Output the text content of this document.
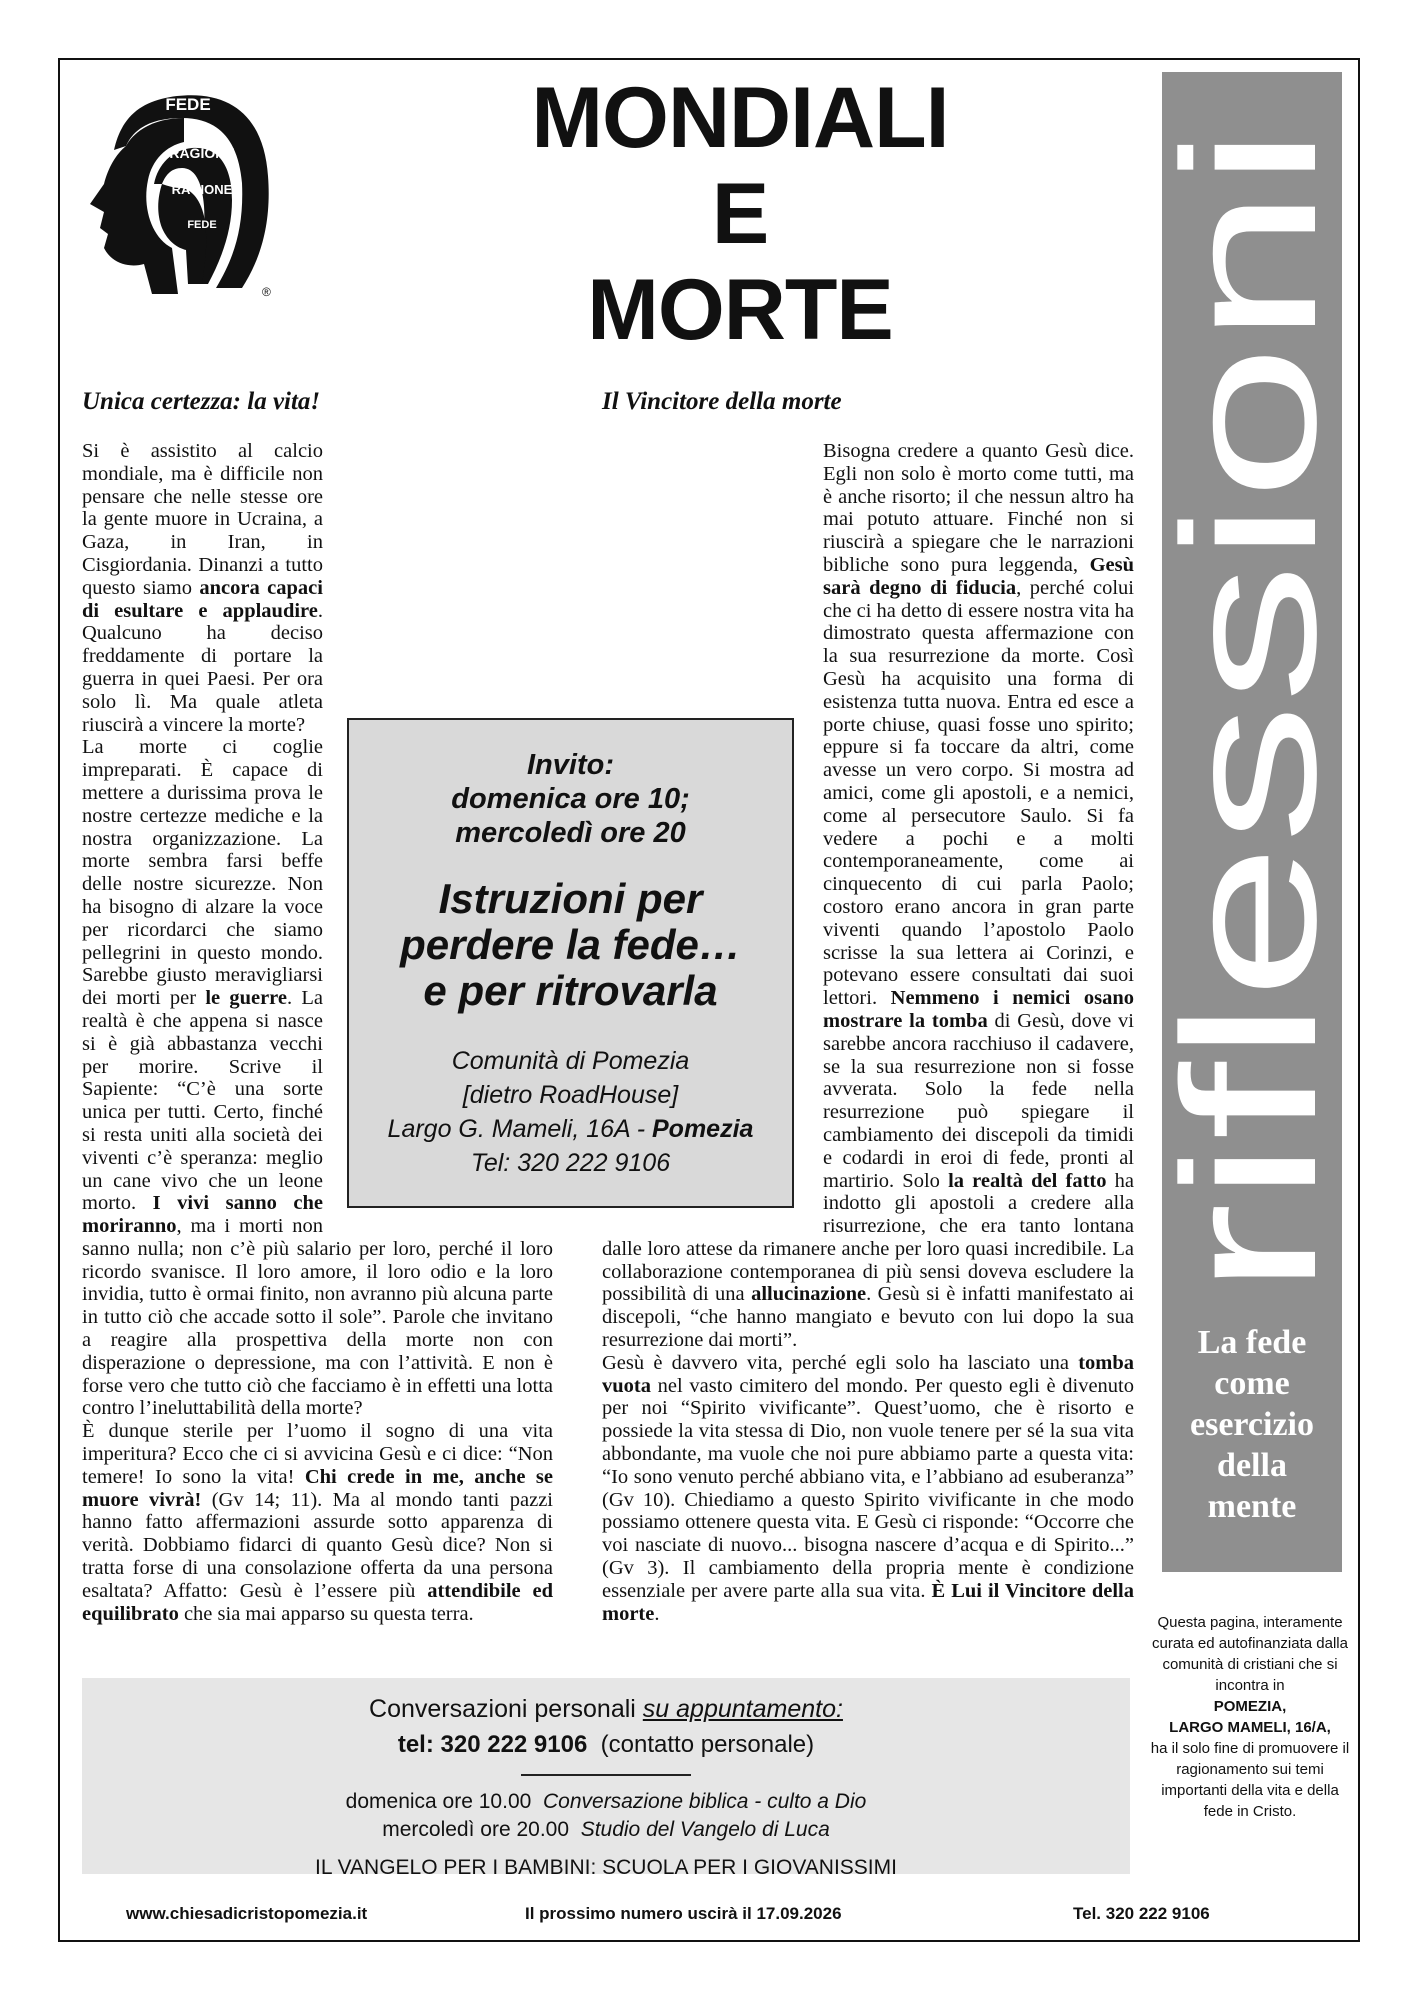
FEDE
RAGIONE
RAGIONE
FEDE
®
MONDIALI
E
MORTE
riflessioni
La fede
come
esercizio
della
mente
Questa pagina, interamente curata ed autofinanziata dalla comunità di cristiani che si incontra in
POMEZIA,
LARGO MAMELI, 16/A,
ha il solo fine di promuovere il ragionamento sui temi importanti della vita e della fede in Cristo.
Unica certezza: la vita!

Si è assistito al calcio mondiale, ma è difficile non pensare che nelle stesse ore la gente muore in Ucraina, a Gaza, in Iran, in Cisgiordania. Dinanzi a tutto questo siamo ancora capaci di esultare e applaudire. Qualcuno ha deciso freddamente di portare la guerra in quei Paesi. Per ora solo lì. Ma quale atleta riuscirà a vincere la morte?

La morte ci coglie impreparati. È capace di mettere a durissima prova le nostre certezze mediche e la nostra organizzazione. La morte sembra farsi beffe delle nostre sicurezze. Non ha bisogno di alzare la voce per ricordarci che siamo pellegrini in questo mondo. Sarebbe giusto meravigliarsi dei morti per le guerre. La realtà è che appena si nasce si è già abbastanza vecchi per morire. Scrive il Sapiente: “C’è una sorte unica per tutti. Certo, finché si resta uniti alla società dei viventi c’è speranza: meglio un cane vivo che un leone morto. I vivi sanno che moriranno, ma i morti non sanno nulla; non c’è più salario per loro, perché il loro ricordo svanisce. Il loro amore, il loro odio e la loro invidia, tutto è ormai finito, non avranno più alcuna parte in tutto ciò che accade sotto il sole”. Parole che invitano a reagire alla prospettiva della morte non con disperazione o depressione, ma con l’attività. E non è forse vero che tutto ciò che facciamo è in effetti una lotta contro l’ineluttabilità della morte?

È dunque sterile per l’uomo il sogno di una vita imperitura? Ecco che ci si avvicina Gesù e ci dice: “Non temere! Io sono la vita! Chi crede in me, anche se muore vivrà! (Gv 14; 11). Ma al mondo tanti pazzi hanno fatto affermazioni assurde sotto apparenza di verità. Dobbiamo fidarci di quanto Gesù dice? Non si tratta forse di una consolazione offerta da una persona esaltata? Affatto: Gesù è l’essere più attendibile ed equilibrato che sia mai apparso su questa terra.

Il Vincitore della morte

Bisogna credere a quanto Gesù dice. Egli non solo è morto come tutti, ma è anche risorto; il che nessun altro ha mai potuto attuare. Finché non si riuscirà a spiegare che le narrazioni bibliche sono pura leggenda, Gesù sarà degno di fiducia, perché colui che ci ha detto di essere nostra vita ha dimostrato questa affermazione con la sua resurrezione da morte. Così Gesù ha acquisito una forma di esistenza tutta nuova. Entra ed esce a porte chiuse, quasi fosse uno spirito; eppure si fa toccare da altri, come avesse un vero corpo. Si mostra ad amici, come gli apostoli, e a nemici, come al persecutore Saulo. Si fa vedere a pochi e a molti contemporaneamente, come ai cinquecento di cui parla Paolo; costoro erano ancora in gran parte viventi quando l’apostolo Paolo scrisse la sua lettera ai Corinzi, e potevano essere consultati dai suoi lettori. Nemmeno i nemici osano mostrare la tomba di Gesù, dove vi sarebbe ancora racchiuso il cadavere, se la sua resurrezione non si fosse avverata. Solo la fede nella resurrezione può spiegare il cambiamento dei discepoli da timidi e codardi in eroi di fede, pronti al martirio. Solo la realtà del fatto ha indotto gli apostoli a credere alla risurrezione, che era tanto lontana dalle loro attese da rimanere anche per loro quasi incredibile. La collaborazione contemporanea di più sensi doveva escludere la possibilità di una allucinazione. Gesù si è infatti manifestato ai discepoli, “che hanno mangiato e bevuto con lui dopo la sua resurrezione dai morti”.

Gesù è davvero vita, perché egli solo ha lasciato una tomba vuota nel vasto cimitero del mondo. Per questo egli è divenuto per noi “Spirito vivificante”. Quest’uomo, che è risorto e possiede la vita stessa di Dio, non vuole tenere per sé la sua vita abbondante, ma vuole che noi pure abbiamo parte a questa vita: “Io sono venuto perché abbiano vita, e l’abbiano ad esuberanza” (Gv 10). Chiediamo a questo Spirito vivificante in che modo possiamo ottenere questa vita. E Gesù ci risponde: “Occorre che voi nasciate di nuovo... bisogna nascere d’acqua e di Spirito...” (Gv 3). Il cambiamento della propria mente è condizione essenziale per avere parte alla sua vita. È Lui il Vincitore della morte.

Invito:
domenica ore 10;
mercoledì ore 20
Istruzioni per
perdere la fede…
e per ritrovarla
Comunità di Pomezia
[dietro RoadHouse]
Largo G. Mameli, 16A - Pomezia
Tel: 320 222 9106
Conversazioni personali su appuntamento:
tel: 320 222 9106 (contatto personale)
domenica ore 10.00 Conversazione biblica - culto a Dio
mercoledì ore 20.00 Studio del Vangelo di Luca
IL VANGELO PER I BAMBINI: SCUOLA PER I GIOVANISSIMI
www.chiesadicristopomezia.it	Il prossimo numero uscirà il 17.09.2026	Tel. 320 222 9106
